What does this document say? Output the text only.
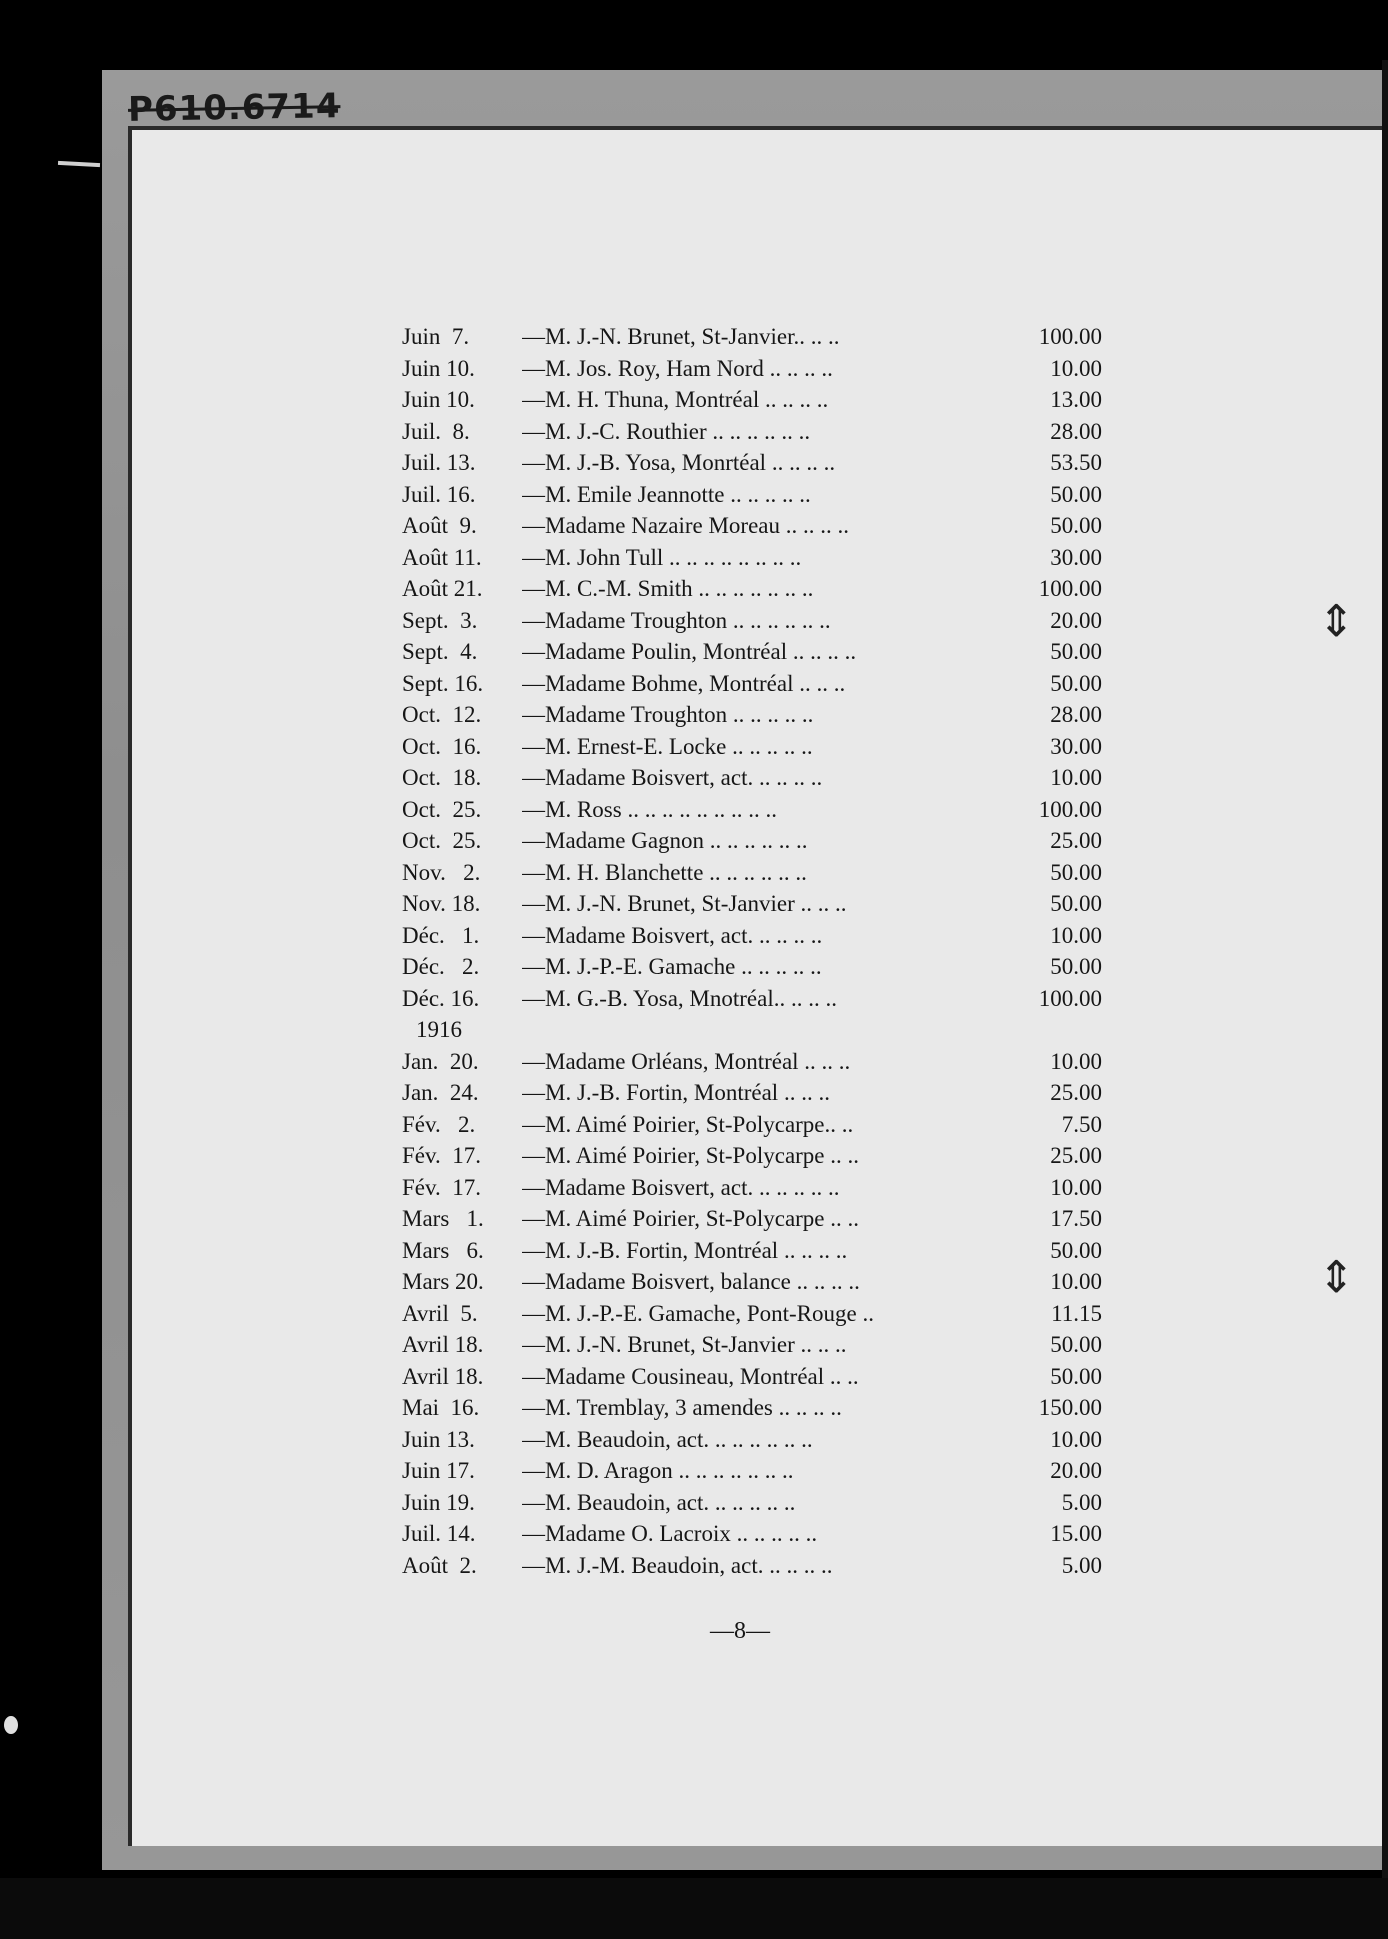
P610.6714
⇕
⇕
Juin  7.	—M. J.-N. Brunet, St-Janvier.. .. ..	100.00
Juin 10.	—M. Jos. Roy, Ham Nord .. .. .. ..	10.00
Juin 10.	—M. H. Thuna, Montréal .. .. .. ..	13.00
Juil.  8.	—M. J.-C. Routhier .. .. .. .. .. ..	28.00
Juil. 13.	—M. J.-B. Yosa, Monrtéal .. .. .. ..	53.50
Juil. 16.	—M. Emile Jeannotte .. .. .. .. ..	50.00
Août  9.	—Madame Nazaire Moreau .. .. .. ..	50.00
Août 11.	—M. John Tull .. .. .. .. .. .. .. ..	30.00
Août 21.	—M. C.-M. Smith .. .. .. .. .. .. ..	100.00
Sept.  3.	—Madame Troughton .. .. .. .. .. ..	20.00
Sept.  4.	—Madame Poulin, Montréal .. .. .. ..	50.00
Sept. 16.	—Madame Bohme, Montréal .. .. ..	50.00
Oct.  12.	—Madame Troughton .. .. .. .. ..	28.00
Oct.  16.	—M. Ernest-E. Locke .. .. .. .. ..	30.00
Oct.  18.	—Madame Boisvert, act. .. .. .. ..	10.00
Oct.  25.	—M. Ross .. .. .. .. .. .. .. .. ..	100.00
Oct.  25.	—Madame Gagnon .. .. .. .. .. ..	25.00
Nov.   2.	—M. H. Blanchette .. .. .. .. .. ..	50.00
Nov. 18.	—M. J.-N. Brunet, St-Janvier .. .. ..	50.00
Déc.   1.	—Madame Boisvert, act. .. .. .. ..	10.00
Déc.   2.	—M. J.-P.-E. Gamache .. .. .. .. ..	50.00
Déc. 16.	—M. G.-B. Yosa, Mnotréal.. .. .. ..	100.00
1916
Jan.  20.	—Madame Orléans, Montréal .. .. ..	10.00
Jan.  24.	—M. J.-B. Fortin, Montréal .. .. ..	25.00
Fév.   2.	—M. Aimé Poirier, St-Polycarpe.. ..	7.50
Fév.  17.	—M. Aimé Poirier, St-Polycarpe .. ..	25.00
Fév.  17.	—Madame Boisvert, act. .. .. .. .. ..	10.00
Mars   1.	—M. Aimé Poirier, St-Polycarpe .. ..	17.50
Mars   6.	—M. J.-B. Fortin, Montréal .. .. .. ..	50.00
Mars 20.	—Madame Boisvert, balance .. .. .. ..	10.00
Avril  5.	—M. J.-P.-E. Gamache, Pont-Rouge ..	11.15
Avril 18.	—M. J.-N. Brunet, St-Janvier .. .. ..	50.00
Avril 18.	—Madame Cousineau, Montréal .. ..	50.00
Mai  16.	—M. Tremblay, 3 amendes .. .. .. ..	150.00
Juin 13.	—M. Beaudoin, act. .. .. .. .. .. ..	10.00
Juin 17.	—M. D. Aragon .. .. .. .. .. .. ..	20.00
Juin 19.	—M. Beaudoin, act. .. .. .. .. ..	5.00
Juil. 14.	—Madame O. Lacroix .. .. .. .. ..	15.00
Août  2.	—M. J.-M. Beaudoin, act. .. .. .. ..	5.00
—8—
